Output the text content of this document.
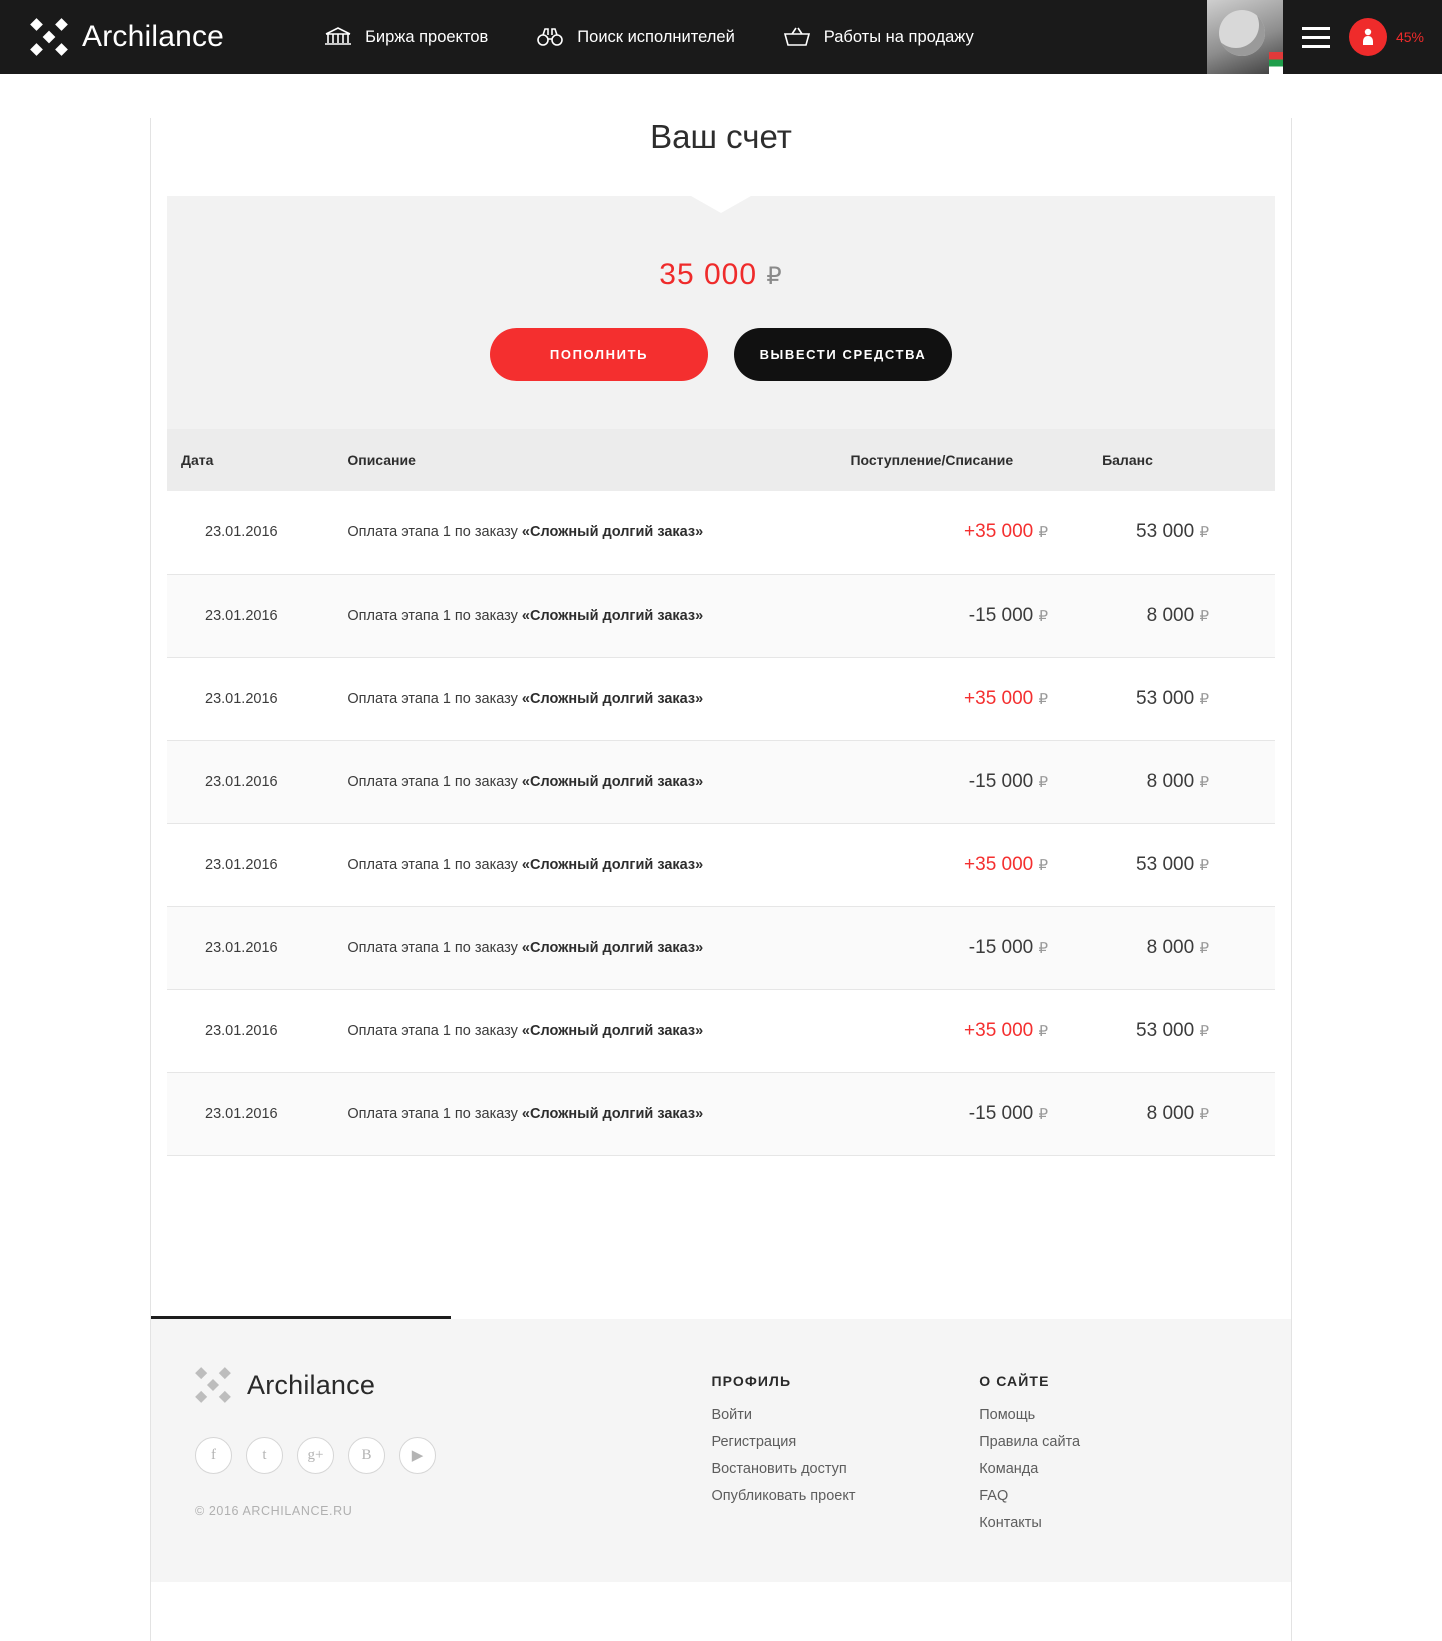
Archilance	Биржа проектов	Поиск исполнителей	Работы на продажу	45%
Ваш счет
35 000 ₽
ПОПОЛНИТЬ	ВЫВЕСТИ СРЕДСТВА
Дата	Описание	Поступление/Списание	Баланс
23.01.2016	Оплата этапа 1 по заказу «Сложный долгий заказ»	+35 000 ₽	53 000 ₽
23.01.2016	Оплата этапа 1 по заказу «Сложный долгий заказ»	-15 000 ₽	8 000 ₽
23.01.2016	Оплата этапа 1 по заказу «Сложный долгий заказ»	+35 000 ₽	53 000 ₽
23.01.2016	Оплата этапа 1 по заказу «Сложный долгий заказ»	-15 000 ₽	8 000 ₽
23.01.2016	Оплата этапа 1 по заказу «Сложный долгий заказ»	+35 000 ₽	53 000 ₽
23.01.2016	Оплата этапа 1 по заказу «Сложный долгий заказ»	-15 000 ₽	8 000 ₽
23.01.2016	Оплата этапа 1 по заказу «Сложный долгий заказ»	+35 000 ₽	53 000 ₽
23.01.2016	Оплата этапа 1 по заказу «Сложный долгий заказ»	-15 000 ₽	8 000 ₽
Archilance
f	t	g+	B	▶
© 2016 ARCHILANCE.RU
ПРОФИЛЬ
Войти
Регистрация
Востановить доступ
Опубликовать проект
О САЙТЕ
Помощь
Правила сайта
Команда
FAQ
Контакты
